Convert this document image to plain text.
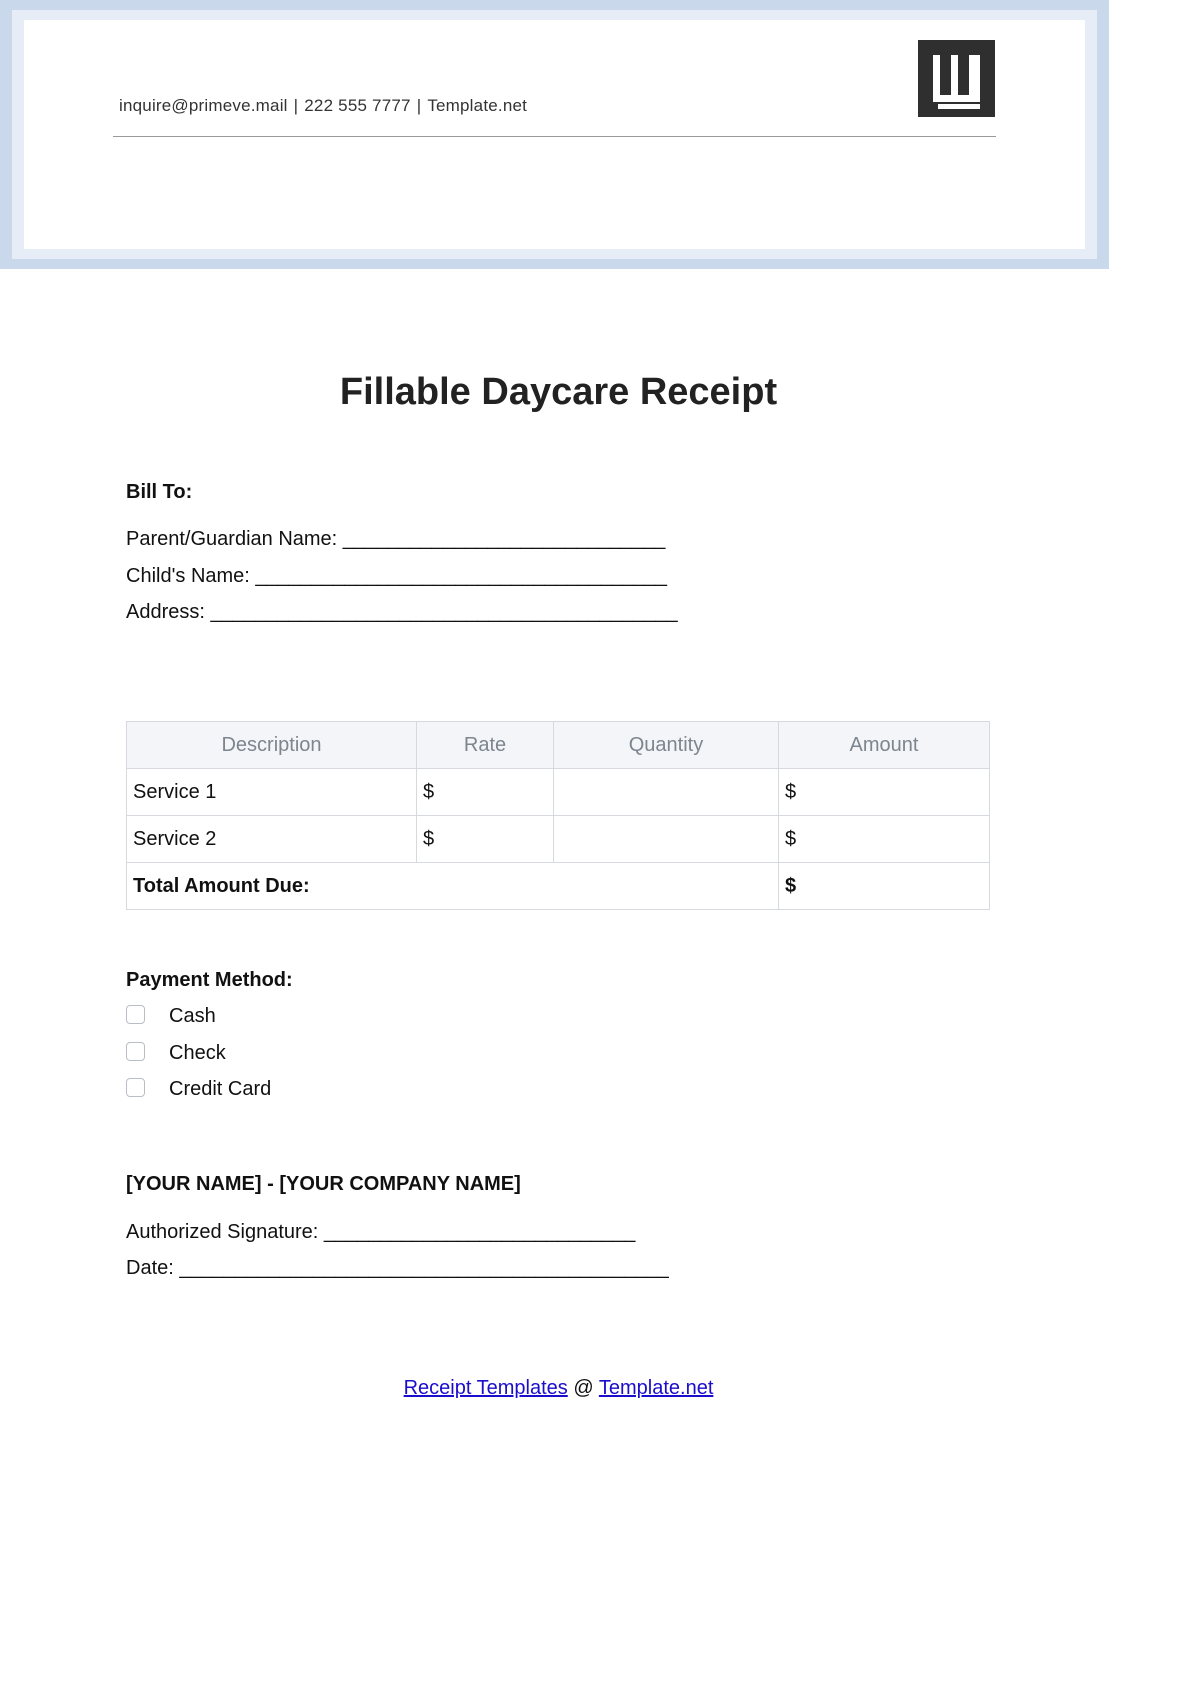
inquire@primeve.mail | 222 555 7777 | Template.net
Fillable Daycare Receipt
Bill To:
Parent/Guardian Name: _____________________________
Child's Name: _____________________________________
Address: __________________________________________
Description	Rate	Quantity	Amount
Service 1	$		$
Service 2	$		$
Total Amount Due:			$
Payment Method:
Cash
Check
Credit Card
[YOUR NAME] - [YOUR COMPANY NAME]
Authorized Signature: ____________________________
Date: ____________________________________________
Receipt Templates @ Template.net
